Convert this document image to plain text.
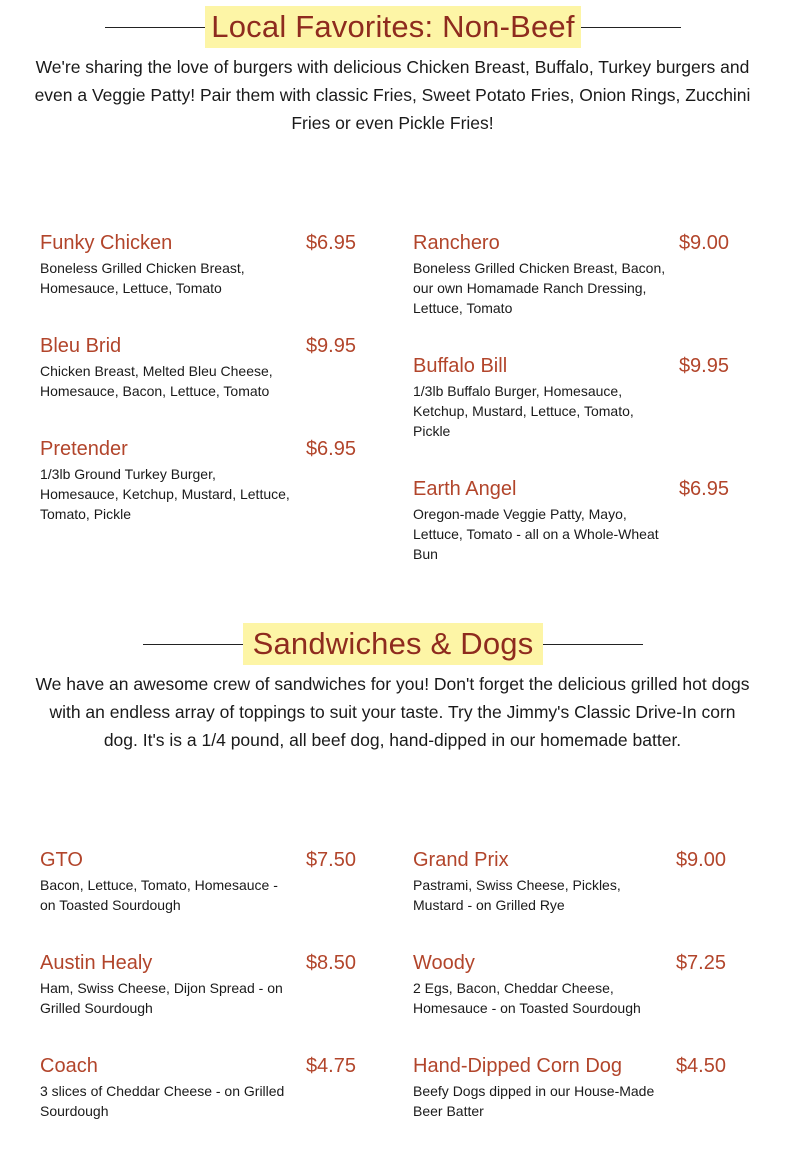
Local Favorites: Non-Beef
We're sharing the love of burgers with delicious Chicken Breast, Buffalo, Turkey burgers and even a Veggie Patty! Pair them with classic Fries, Sweet Potato Fries, Onion Rings, Zucchini Fries or even Pickle Fries!
Funky Chicken	$6.95
Boneless Grilled Chicken Breast, Homesauce, Lettuce, Tomato
Bleu Brid	$9.95
Chicken Breast, Melted Bleu Cheese, Homesauce, Bacon, Lettuce, Tomato
Pretender	$6.95
1/3lb Ground Turkey Burger, Homesauce, Ketchup, Mustard, Lettuce, Tomato, Pickle
Ranchero	$9.00
Boneless Grilled Chicken Breast, Bacon, our own Homamade Ranch Dressing, Lettuce, Tomato
Buffalo Bill	$9.95
1/3lb Buffalo Burger, Homesauce, Ketchup, Mustard, Lettuce, Tomato, Pickle
Earth Angel	$6.95
Oregon-made Veggie Patty, Mayo, Lettuce, Tomato - all on a Whole-Wheat Bun
Sandwiches & Dogs
We have an awesome crew of sandwiches for you! Don't forget the delicious grilled hot dogs with an endless array of toppings to suit your taste. Try the Jimmy's Classic Drive-In corn dog. It's is a 1/4 pound, all beef dog, hand-dipped in our homemade batter.
GTO	$7.50
Bacon, Lettuce, Tomato, Homesauce - on Toasted Sourdough
Austin Healy	$8.50
Ham, Swiss Cheese, Dijon Spread - on Grilled Sourdough
Coach	$4.75
3 slices of Cheddar Cheese - on Grilled Sourdough
Grand Prix	$9.00
Pastrami, Swiss Cheese, Pickles, Mustard - on Grilled Rye
Woody	$7.25
2 Egs, Bacon, Cheddar Cheese, Homesauce - on Toasted Sourdough
Hand-Dipped Corn Dog	$4.50
Beefy Dogs dipped in our House-Made Beer Batter
